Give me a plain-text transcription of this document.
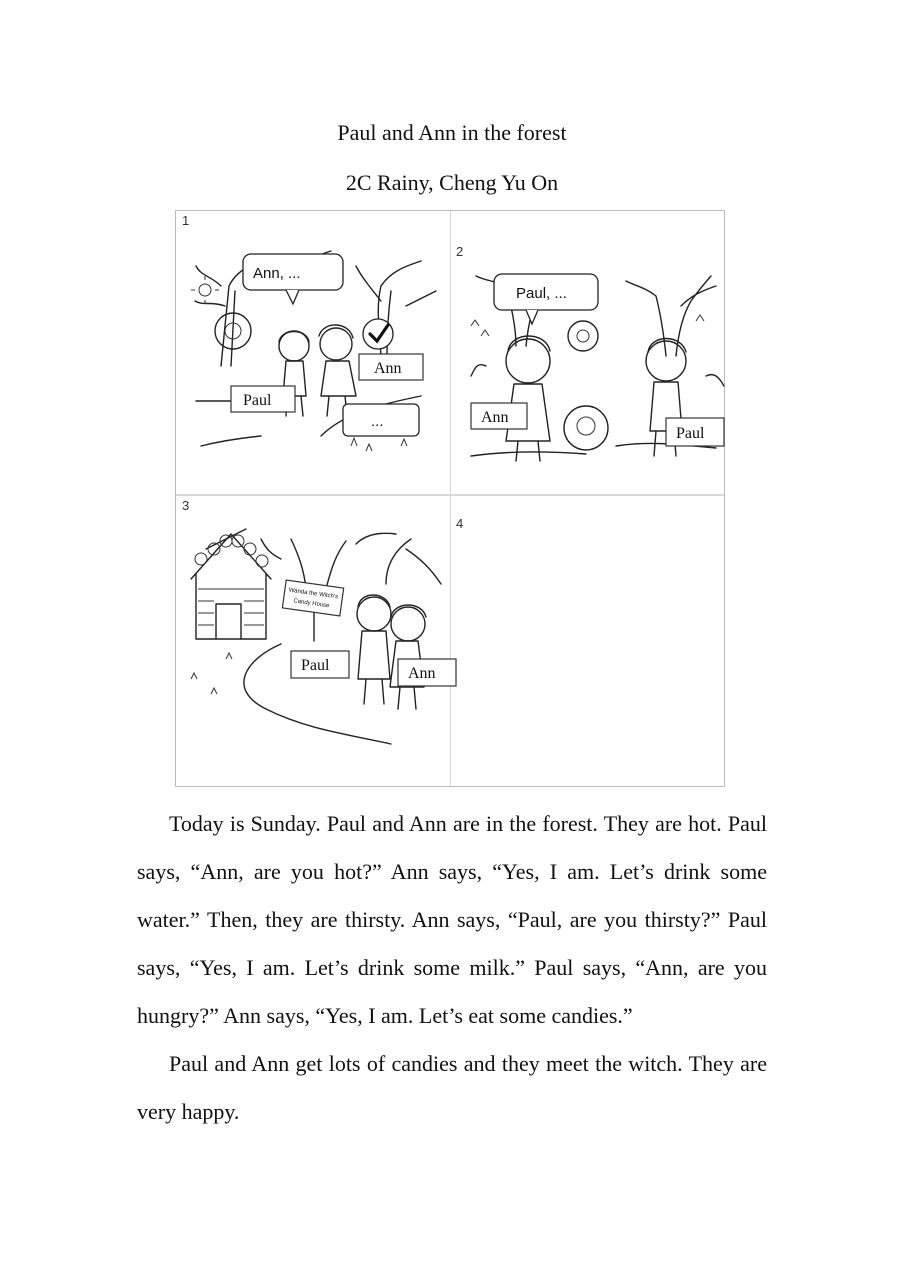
Paul and Ann in the forest
2C Rainy, Cheng Yu On
1
2
3
4
Ann, ...
Ann
Paul
...
Paul, ...
Ann
Paul
Wanda the Witch's
Candy House
Paul	Ann

Today is Sunday. Paul and Ann are in the forest. They are hot. Paul says, “Ann, are you hot?” Ann says, “Yes, I am. Let’s drink some water.” Then, they are thirsty. Ann says, “Paul, are you thirsty?” Paul says, “Yes, I am. Let’s drink some milk.” Paul says, “Ann, are you hungry?” Ann says, “Yes, I am. Let’s eat some candies.”

Paul and Ann get lots of candies and they meet the witch. They are very happy.
